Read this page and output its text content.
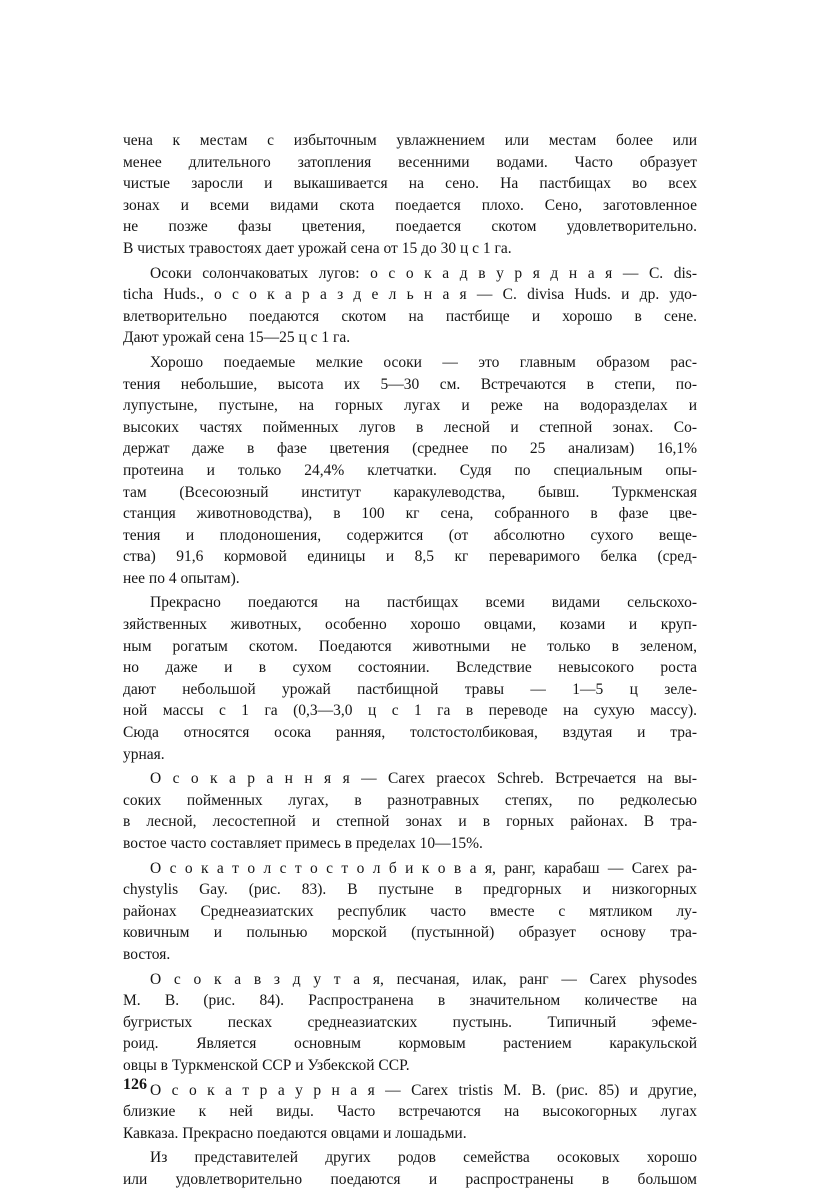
чена к местам с избыточным увлажнением или местам более или
менее длительного затопления весенними водами. Часто образует
чистые заросли и выкашивается на сено. На пастбищах во всех
зонах и всеми видами скота поедается плохо. Сено, заготовленное
не позже фазы цветения, поедается скотом удовлетворительно.
В чистых травостоях дает урожай сена от 15 до 30 ц с 1 га.
Осоки солончаковатых лугов: о с о к а д в у р я д н а я — C. dis-
ticha Huds., о с о к а р а з д е л ь н а я — C. divisa Huds. и др. удо-
влетворительно поедаются скотом на пастбище и хорошо в сене.
Дают урожай сена 15—25 ц с 1 га.
Хорошо поедаемые мелкие осоки — это главным образом рас-
тения небольшие, высота их 5—30 см. Встречаются в степи, по-
лупустыне, пустыне, на горных лугах и реже на водоразделах и
высоких частях пойменных лугов в лесной и степной зонах. Со-
держат даже в фазе цветения (среднее по 25 анализам) 16,1%
протеина и только 24,4% клетчатки. Судя по специальным опы-
там (Всесоюзный институт каракулеводства, бывш. Туркменская
станция животноводства), в 100 кг сена, собранного в фазе цве-
тения и плодоношения, содержится (от абсолютно сухого веще-
ства) 91,6 кормовой единицы и 8,5 кг переваримого белка (сред-
нее по 4 опытам).
Прекрасно поедаются на пастбищах всеми видами сельскохо-
зяйственных животных, особенно хорошо овцами, козами и круп-
ным рогатым скотом. Поедаются животными не только в зеленом,
но даже и в сухом состоянии. Вследствие невысокого роста
дают небольшой урожай пастбищной травы — 1—5 ц зеле-
ной массы с 1 га (0,3—3,0 ц с 1 га в переводе на сухую массу).
Сюда относятся осока ранняя, толстостолбиковая, вздутая и тра-
урная.
О с о к а р а н н я я — Carex praecox Schreb. Встречается на вы-
соких пойменных лугах, в разнотравных степях, по редколесью
в лесной, лесостепной и степной зонах и в горных районах. В тра-
востое часто составляет примесь в пределах 10—15%.
О с о к а т о л с т о с т о л б и к о в а я, ранг, карабаш — Carex pa-
chystylis Gay. (рис. 83). В пустыне в предгорных и низкогорных
районах Среднеазиатских республик часто вместе с мятликом лу-
ковичным и полынью морской (пустынной) образует основу тра-
востоя.
О с о к а в з д у т а я, песчаная, илак, ранг — Carex physodes
M. B. (рис. 84). Распространена в значительном количестве на
бугристых песках среднеазиатских пустынь. Типичный эфеме-
роид. Является основным кормовым растением каракульской
овцы в Туркменской ССР и Узбекской ССР.
О с о к а т р а у р н а я — Carex tristis M. B. (рис. 85) и другие,
близкие к ней виды. Часто встречаются на высокогорных лугах
Кавказа. Прекрасно поедаются овцами и лошадьми.
Из представителей других родов семейства осоковых хорошо
или удовлетворительно поедаются и распространены в большом
126
